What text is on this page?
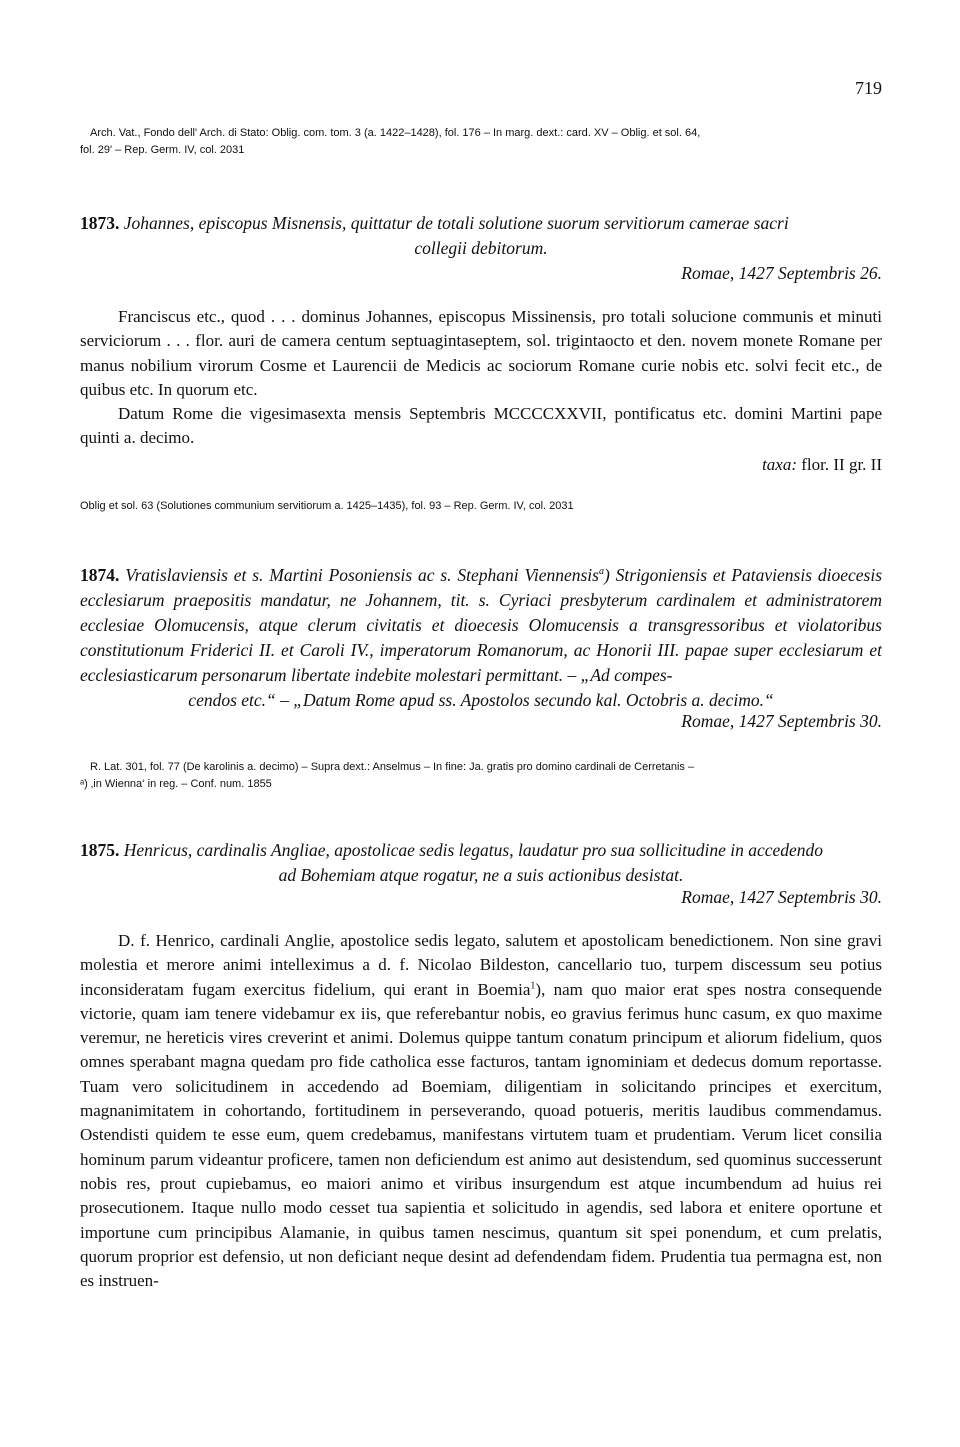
719
Arch. Vat., Fondo dell' Arch. di Stato: Oblig. com. tom. 3 (a. 1422–1428), fol. 176 – In marg. dext.: card. XV – Oblig. et sol. 64,
fol. 29' – Rep. Germ. IV, col. 2031
1873. Johannes, episcopus Misnensis, quittatur de totali solutione suorum servitiorum camerae sacri
collegii debitorum.
Romae, 1427 Septembris 26.

Franciscus etc., quod . . . dominus Johannes, episcopus Missinensis, pro totali solucione communis et minuti serviciorum . . . flor. auri de camera centum septuagintaseptem, sol. trigintaocto et den. novem monete Romane per manus nobilium virorum Cosme et Laurencii de Medicis ac sociorum Romane curie nobis etc. solvi fecit etc., de quibus etc. In quorum etc.

Datum Rome die vigesimasexta mensis Septembris MCCCCXXVII, pontificatus etc. domini Martini pape quinti a. decimo.

taxa: flor. II gr. II
Oblig et sol. 63 (Solutiones communium servitiorum a. 1425–1435), fol. 93 – Rep. Germ. IV, col. 2031
1874. Vratislaviensis et s. Martini Posoniensis ac s. Stephani Viennensis$^a$) Strigoniensis et Pataviensis dioecesis ecclesiarum praepositis mandatur, ne Johannem, tit. s. Cyriaci presbyterum cardinalem et administratorem ecclesiae Olomucensis, atque clerum civitatis et dioecesis Olomucensis a transgressoribus et violatoribus constitutionum Friderici II. et Caroli IV., imperatorum Romanorum, ac Honorii III. papae super ecclesiarum et ecclesiasticarum personarum libertate indebite molestari permittant. – „Ad compes-
cendos etc.“ – „Datum Rome apud ss. Apostolos secundo kal. Octobris a. decimo.“
Romae, 1427 Septembris 30.
R. Lat. 301, fol. 77 (De karolinis a. decimo) – Supra dext.: Anselmus – In fine: Ja. gratis pro domino cardinali de Cerretanis –
ᵃ) ‚in Wienna‘ in reg. – Conf. num. 1855
1875. Henricus, cardinalis Angliae, apostolicae sedis legatus, laudatur pro sua sollicitudine in accedendo
ad Bohemiam atque rogatur, ne a suis actionibus desistat.
Romae, 1427 Septembris 30.

D. f. Henrico, cardinali Anglie, apostolice sedis legato, salutem et apostolicam benedictionem. Non sine gravi molestia et merore animi intelleximus a d. f. Nicolao Bildeston, cancellario tuo, turpem discessum seu potius inconsideratam fugam exercitus fidelium, qui erant in Boemia$^1$), nam quo maior erat spes nostra consequende victorie, quam iam tenere videbamur ex iis, que referebantur nobis, eo gravius ferimus hunc casum, ex quo maxime veremur, ne hereticis vires creverint et animi. Dolemus quippe tantum conatum principum et aliorum fidelium, quos omnes sperabant magna quedam pro fide catholica esse facturos, tantam ignominiam et dedecus domum reportasse. Tuam vero solicitudinem in accedendo ad Boemiam, diligentiam in solicitando principes et exercitum, magnanimitatem in cohortando, fortitudinem in perseverando, quoad potueris, meritis laudibus commendamus. Ostendisti quidem te esse eum, quem credebamus, manifestans virtutem tuam et prudentiam. Verum licet consilia hominum parum videantur proficere, tamen non deficiendum est animo aut desistendum, sed quominus successerunt nobis res, prout cupiebamus, eo maiori animo et viribus insurgendum est atque incumbendum ad huius rei prosecutionem. Itaque nullo modo cesset tua sapientia et solicitudo in agendis, sed labora et enitere oportune et importune cum principibus Alamanie, in quibus tamen nescimus, quantum sit spei ponendum, et cum prelatis, quorum proprior est defensio, ut non deficiant neque desint ad defendendam fidem. Prudentia tua permagna est, non es instruen-
